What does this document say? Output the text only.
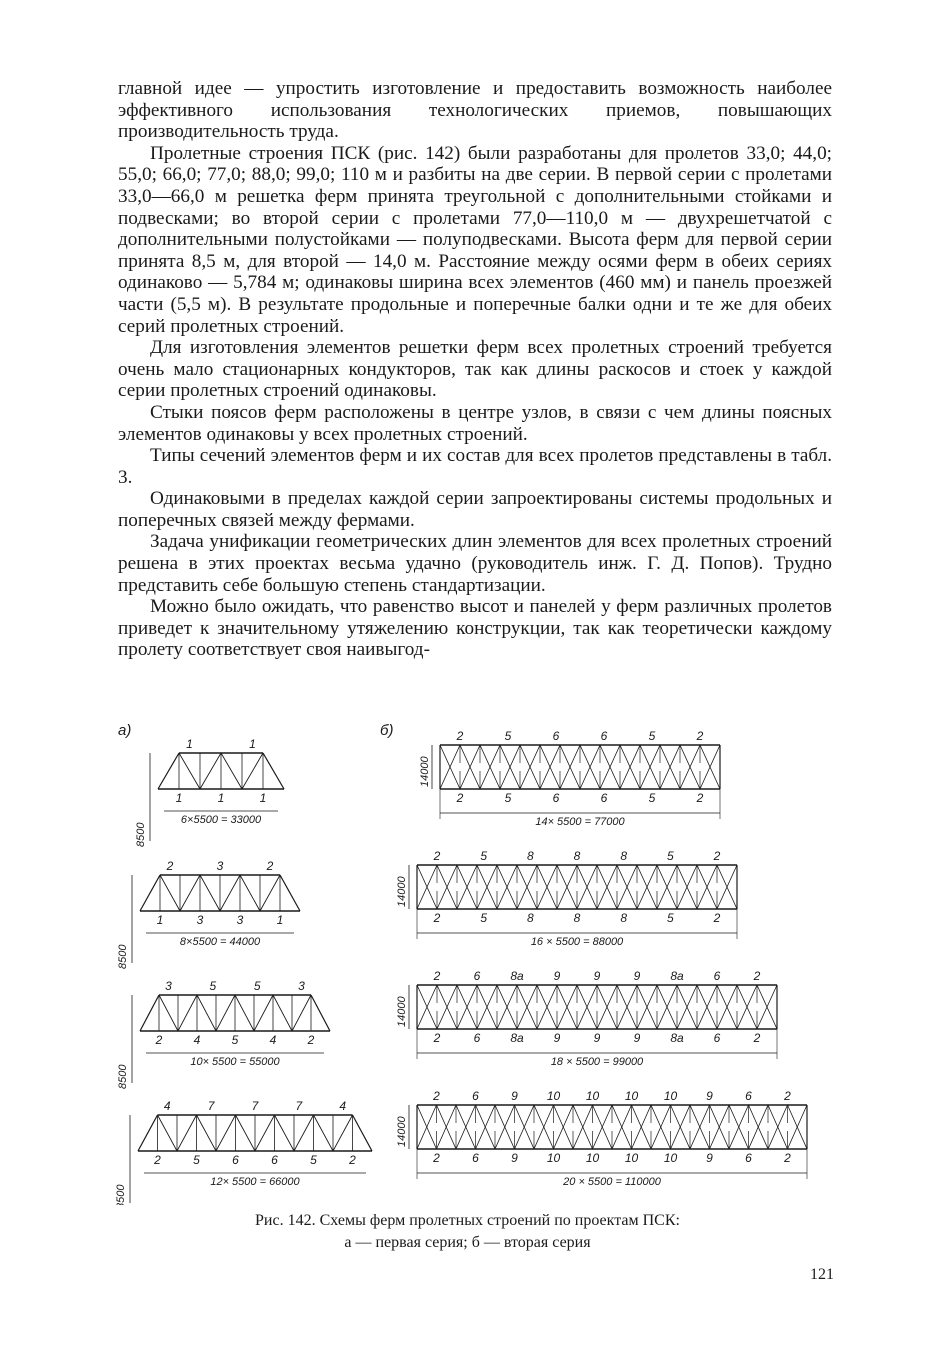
главной идее — упростить изготовление и предоставить возможность наиболее эффективного использования технологических приемов, повышающих производительность труда.

Пролетные строения ПСК (рис. 142) были разработаны для пролетов 33,0; 44,0; 55,0; 66,0; 77,0; 88,0; 99,0; 110 м и разбиты на две серии. В первой серии с пролетами 33,0—66,0 м решетка ферм принята треугольной с дополнительными стойками и подвесками; во второй серии с пролетами 77,0—110,0 м — двухрешетчатой с дополнительными полустойками — полуподвесками. Высота ферм для первой серии принята 8,5 м, для второй — 14,0 м. Расстояние между осями ферм в обеих сериях одинаково — 5,784 м; одинаковы ширина всех элементов (460 мм) и панель проезжей части (5,5 м). В результате продольные и поперечные балки одни и те же для обеих серий пролетных строений.

Для изготовления элементов решетки ферм всех пролетных строений требуется очень мало стационарных кондукторов, так как длины раскосов и стоек у каждой серии пролетных строений одинаковы.

Стыки поясов ферм расположены в центре узлов, в связи с чем длины поясных элементов одинаковы у всех пролетных строений.

Типы сечений элементов ферм и их состав для всех пролетов представлены в табл. 3.

Одинаковыми в пределах каждой серии запроектированы системы продольных и поперечных связей между фермами.

Задача унификации геометрических длин элементов для всех пролетных строений решена в этих проектах весьма удачно (руководитель инж. Г. Д. Попов). Трудно представить себе большую степень стандартизации.

Можно было ожидать, что равенство высот и панелей у ферм различных пролетов приведет к значительному утяжелению конструкции, так как теоретически каждому пролету соответствует своя наивыгод-

а)	б)
8500
1	1
1	1	1
6×5500 = 33000
8500
2	3	2
1	3	3	1
8×5500 = 44000
8500
3	5	5	3
2	4	5	4	2
10× 5500 = 55000
8500
4	7	7	7	4
2	5	6	6	5	2
12× 5500 = 66000
14000
2	5	6	6	5	2
2	5	6	6	5	2
14× 5500 = 77000
14000
2	5	8	8	8	5	2
2	5	8	8	8	5	2
16 × 5500 = 88000
14000
2	6 8а 9	9	9 8а 6	2
2	6 8а 9	9	9 8а 6	2
18 × 5500 = 99000
14000
2	6	9 10 10 10 10 9	6	2
2	6	9 10 10 10 10 9	6	2
20 × 5500 = 110000
Рис. 142. Схемы ферм пролетных строений по проектам ПСК:
а — первая серия; б — вторая серия
121
